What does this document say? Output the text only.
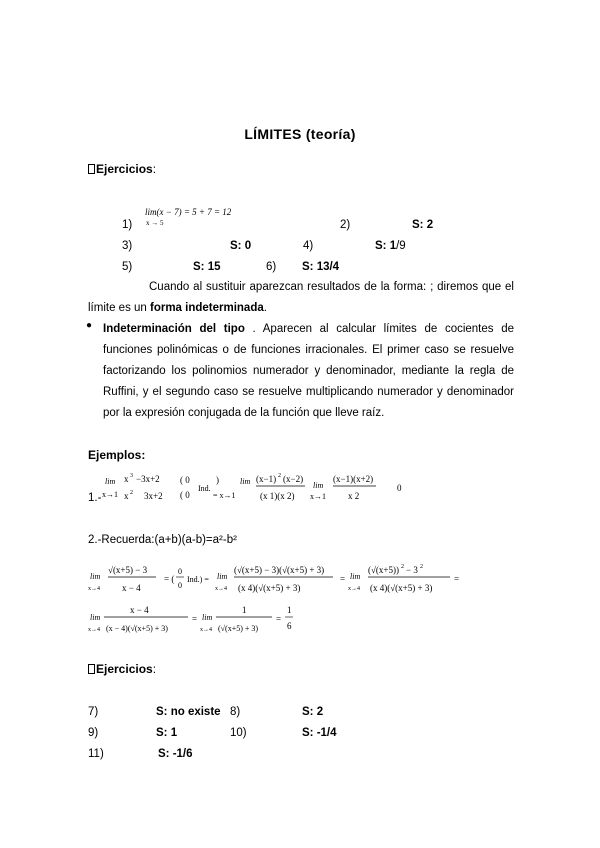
LÍMITES (teoría)
Ejercicios:
1)
lim(x − 7) = 5 + 7 = 12
x → 5	2)	S: 2
3)	S: 0	4)	S: 1/9
5)	S: 15	6) S: 13/4
Cuando al sustituir aparezcan resultados de la forma: ; diremos que el límite es un forma indeterminada.
● Indeterminación del tipo . Aparecen al calcular límites de cocientes de funciones polinómicas o de funciones irracionales. El primer caso se resuelve factorizando los polinomios numerador y denominador, mediante la regla de Ruffini, y el segundo caso se resuelve multiplicando numerador y denominador por la expresión conjugada de la función que lleve raíz.
Ejemplos:
1.-
lim
x→1
x 3 −3x+2
x 2 3x+2
( 0
( 0
Ind.
)
= x→1
lim (x−1) 2 (x−2)
(x 1)(x 2)
lim
x→1
(x−1)(x+2)
x 2
0
2.-Recuerda:(a+b)(a-b)=a²-b²
lim
x→4
√(x+5) − 3
x − 4
= (
0
0
Ind.) = lim
x→4
(√(x+5) − 3)(√(x+5) + 3)
(x 4)(√(x+5) + 3)
= lim
x→4
(√(x+5)) 2 − 3 2
(x 4)(√(x+5) + 3)
=
lim
x→4
x − 4
(x − 4)(√(x+5) + 3)
= lim
x→4
1
(√(x+5) + 3)
=
1
6
Ejercicios:
7)	S: no existe 8)	S: 2
9)	S: 1	10)	S: -1/4
11)	S: -1/6
